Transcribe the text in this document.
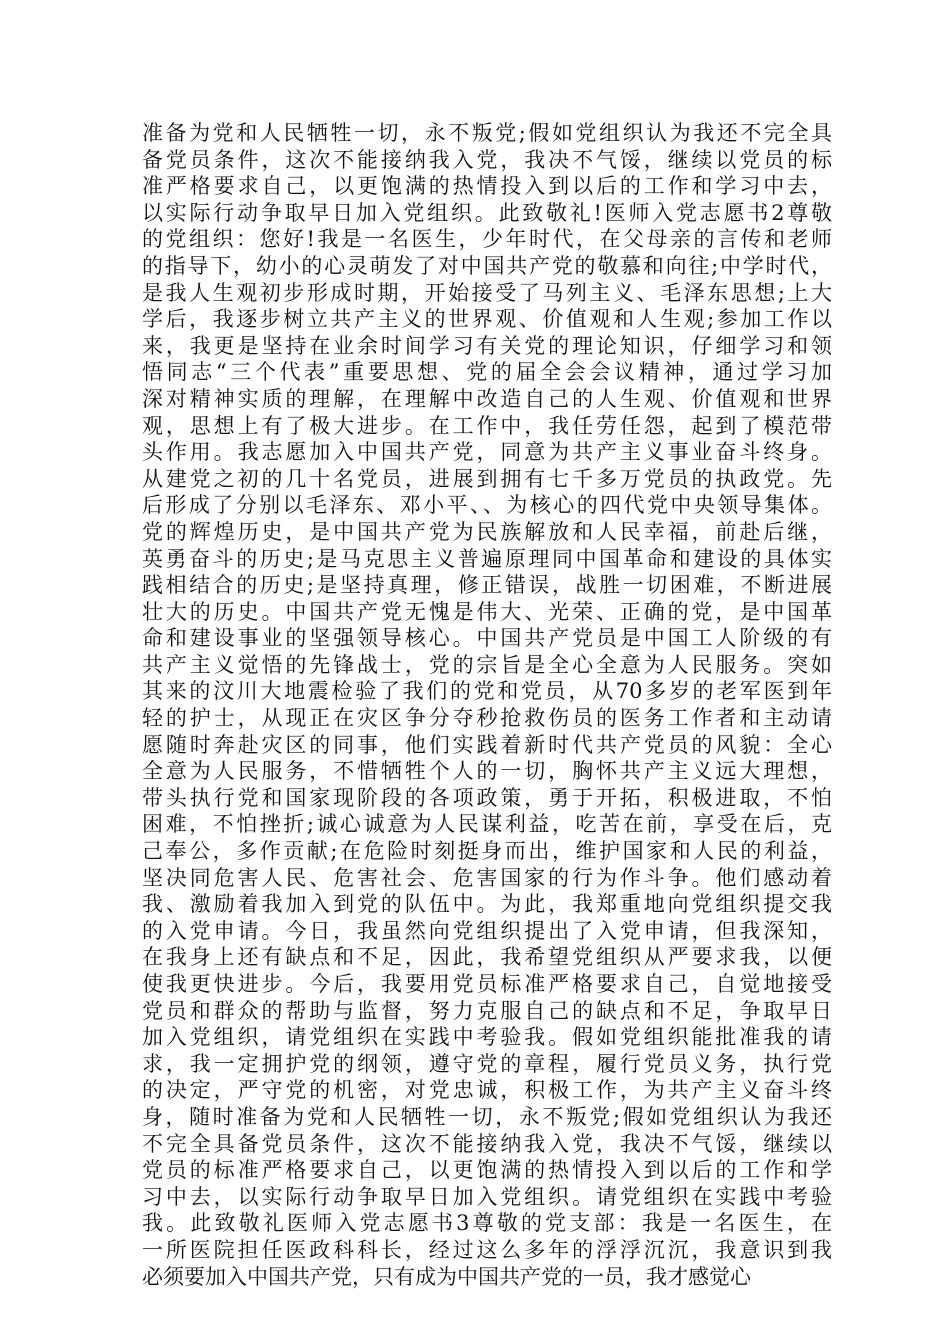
准备为党和人民牺牲一切，永不叛党;假如党组织认为我还不完全具
备党员条件，这次不能接纳我入党，我决不气馁，继续以党员的标
准严格要求自己，以更饱满的热情投入到以后的工作和学习中去，
以实际行动争取早日加入党组织。此致敬礼!医师入党志愿书2尊敬
的党组织：您好!我是一名医生，少年时代，在父母亲的言传和老师
的指导下，幼小的心灵萌发了对中国共产党的敬慕和向往;中学时代，
是我人生观初步形成时期，开始接受了马列主义、毛泽东思想;上大
学后，我逐步树立共产主义的世界观、价值观和人生观;参加工作以
来，我更是坚持在业余时间学习有关党的理论知识，仔细学习和领
悟同志“三个代表”重要思想、党的届全会会议精神，通过学习加
深对精神实质的理解，在理解中改造自己的人生观、价值观和世界
观，思想上有了极大进步。在工作中，我任劳任怨，起到了模范带
头作用。我志愿加入中国共产党，同意为共产主义事业奋斗终身。
从建党之初的几十名党员，进展到拥有七千多万党员的执政党。先
后形成了分别以毛泽东、邓小平、、为核心的四代党中央领导集体。
党的辉煌历史，是中国共产党为民族解放和人民幸福，前赴后继，
英勇奋斗的历史;是马克思主义普遍原理同中国革命和建设的具体实
践相结合的历史;是坚持真理，修正错误，战胜一切困难，不断进展
壮大的历史。中国共产党无愧是伟大、光荣、正确的党，是中国革
命和建设事业的坚强领导核心。中国共产党员是中国工人阶级的有
共产主义觉悟的先锋战士，党的宗旨是全心全意为人民服务。突如
其来的汶川大地震检验了我们的党和党员，从70多岁的老军医到年
轻的护士，从现正在灾区争分夺秒抢救伤员的医务工作者和主动请
愿随时奔赴灾区的同事，他们实践着新时代共产党员的风貌：全心
全意为人民服务，不惜牺牲个人的一切，胸怀共产主义远大理想，
带头执行党和国家现阶段的各项政策，勇于开拓，积极进取，不怕
困难，不怕挫折;诚心诚意为人民谋利益，吃苦在前，享受在后，克
己奉公，多作贡献;在危险时刻挺身而出，维护国家和人民的利益，
坚决同危害人民、危害社会、危害国家的行为作斗争。他们感动着
我、激励着我加入到党的队伍中。为此，我郑重地向党组织提交我
的入党申请。今日，我虽然向党组织提出了入党申请，但我深知，
在我身上还有缺点和不足，因此，我希望党组织从严要求我，以便
使我更快进步。今后，我要用党员标准严格要求自己，自觉地接受
党员和群众的帮助与监督，努力克服自己的缺点和不足，争取早日
加入党组织，请党组织在实践中考验我。假如党组织能批准我的请
求，我一定拥护党的纲领，遵守党的章程，履行党员义务，执行党
的决定，严守党的机密，对党忠诚，积极工作，为共产主义奋斗终
身，随时准备为党和人民牺牲一切，永不叛党;假如党组织认为我还
不完全具备党员条件，这次不能接纳我入党，我决不气馁，继续以
党员的标准严格要求自己，以更饱满的热情投入到以后的工作和学
习中去，以实际行动争取早日加入党组织。请党组织在实践中考验
我。此致敬礼医师入党志愿书3尊敬的党支部：我是一名医生，在
一所医院担任医政科科长，经过这么多年的浮浮沉沉，我意识到我
必须要加入中国共产党，只有成为中国共产党的一员，我才感觉心
